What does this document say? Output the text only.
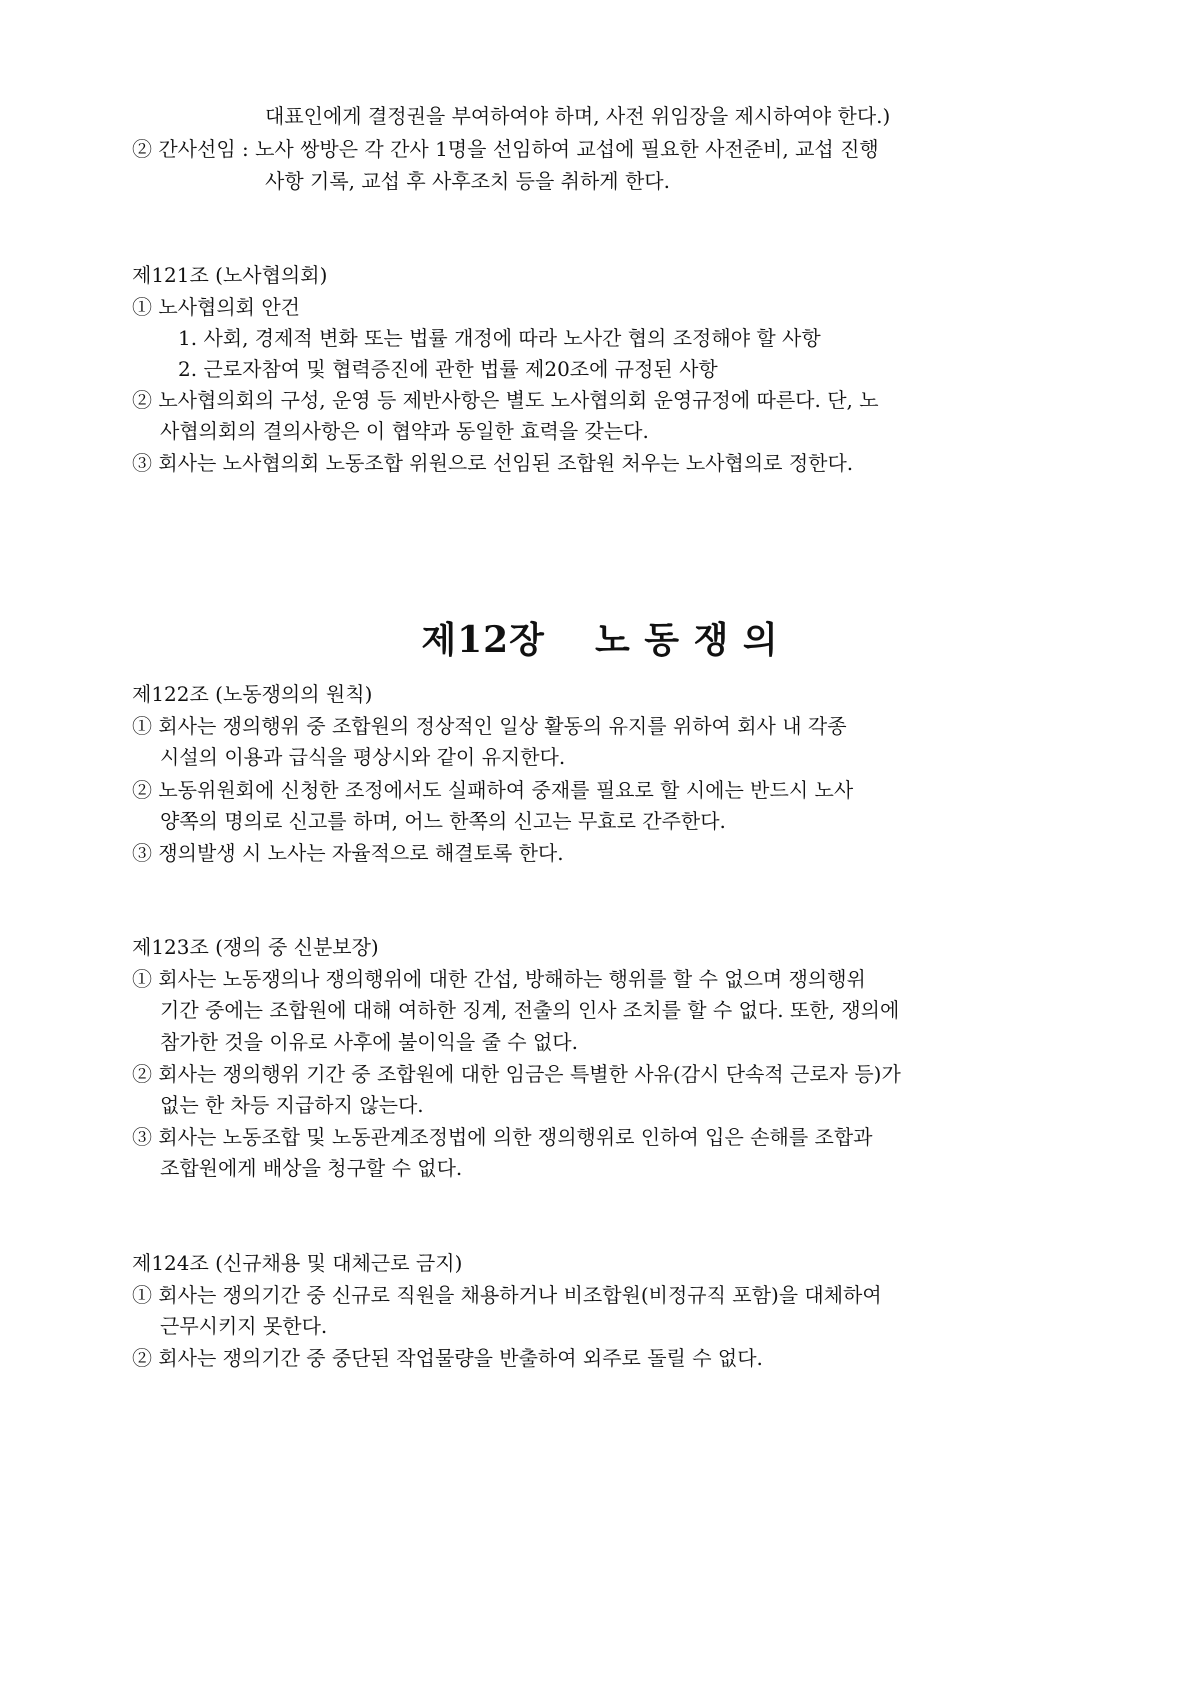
대표인에게 결정권을 부여하여야 하며, 사전 위임장을 제시하여야 한다.)
② 간사선임 : 노사 쌍방은 각 간사 1명을 선임하여 교섭에 필요한 사전준비, 교섭 진행
사항 기록, 교섭 후 사후조치 등을 취하게 한다.
제121조 (노사협의회)
① 노사협의회 안건
1. 사회, 경제적 변화 또는 법률 개정에 따라 노사간 협의 조정해야 할 사항
2. 근로자참여 및 협력증진에 관한 법률 제20조에 규정된 사항
② 노사협의회의 구성, 운영 등 제반사항은 별도 노사협의회 운영규정에 따른다. 단, 노
사협의회의 결의사항은 이 협약과 동일한 효력을 갖는다.
③ 회사는 노사협의회 노동조합 위원으로 선임된 조합원 처우는 노사협의로 정한다.
제12장 노 동 쟁 의
제122조 (노동쟁의의 원칙)
① 회사는 쟁의행위 중 조합원의 정상적인 일상 활동의 유지를 위하여 회사 내 각종
시설의 이용과 급식을 평상시와 같이 유지한다.
② 노동위원회에 신청한 조정에서도 실패하여 중재를 필요로 할 시에는 반드시 노사
양쪽의 명의로 신고를 하며, 어느 한쪽의 신고는 무효로 간주한다.
③ 쟁의발생 시 노사는 자율적으로 해결토록 한다.
제123조 (쟁의 중 신분보장)
① 회사는 노동쟁의나 쟁의행위에 대한 간섭, 방해하는 행위를 할 수 없으며 쟁의행위
기간 중에는 조합원에 대해 여하한 징계, 전출의 인사 조치를 할 수 없다. 또한, 쟁의에
참가한 것을 이유로 사후에 불이익을 줄 수 없다.
② 회사는 쟁의행위 기간 중 조합원에 대한 임금은 특별한 사유(감시 단속적 근로자 등)가
없는 한 차등 지급하지 않는다.
③ 회사는 노동조합 및 노동관계조정법에 의한 쟁의행위로 인하여 입은 손해를 조합과
조합원에게 배상을 청구할 수 없다.
제124조 (신규채용 및 대체근로 금지)
① 회사는 쟁의기간 중 신규로 직원을 채용하거나 비조합원(비정규직 포함)을 대체하여
근무시키지 못한다.
② 회사는 쟁의기간 중 중단된 작업물량을 반출하여 외주로 돌릴 수 없다.
